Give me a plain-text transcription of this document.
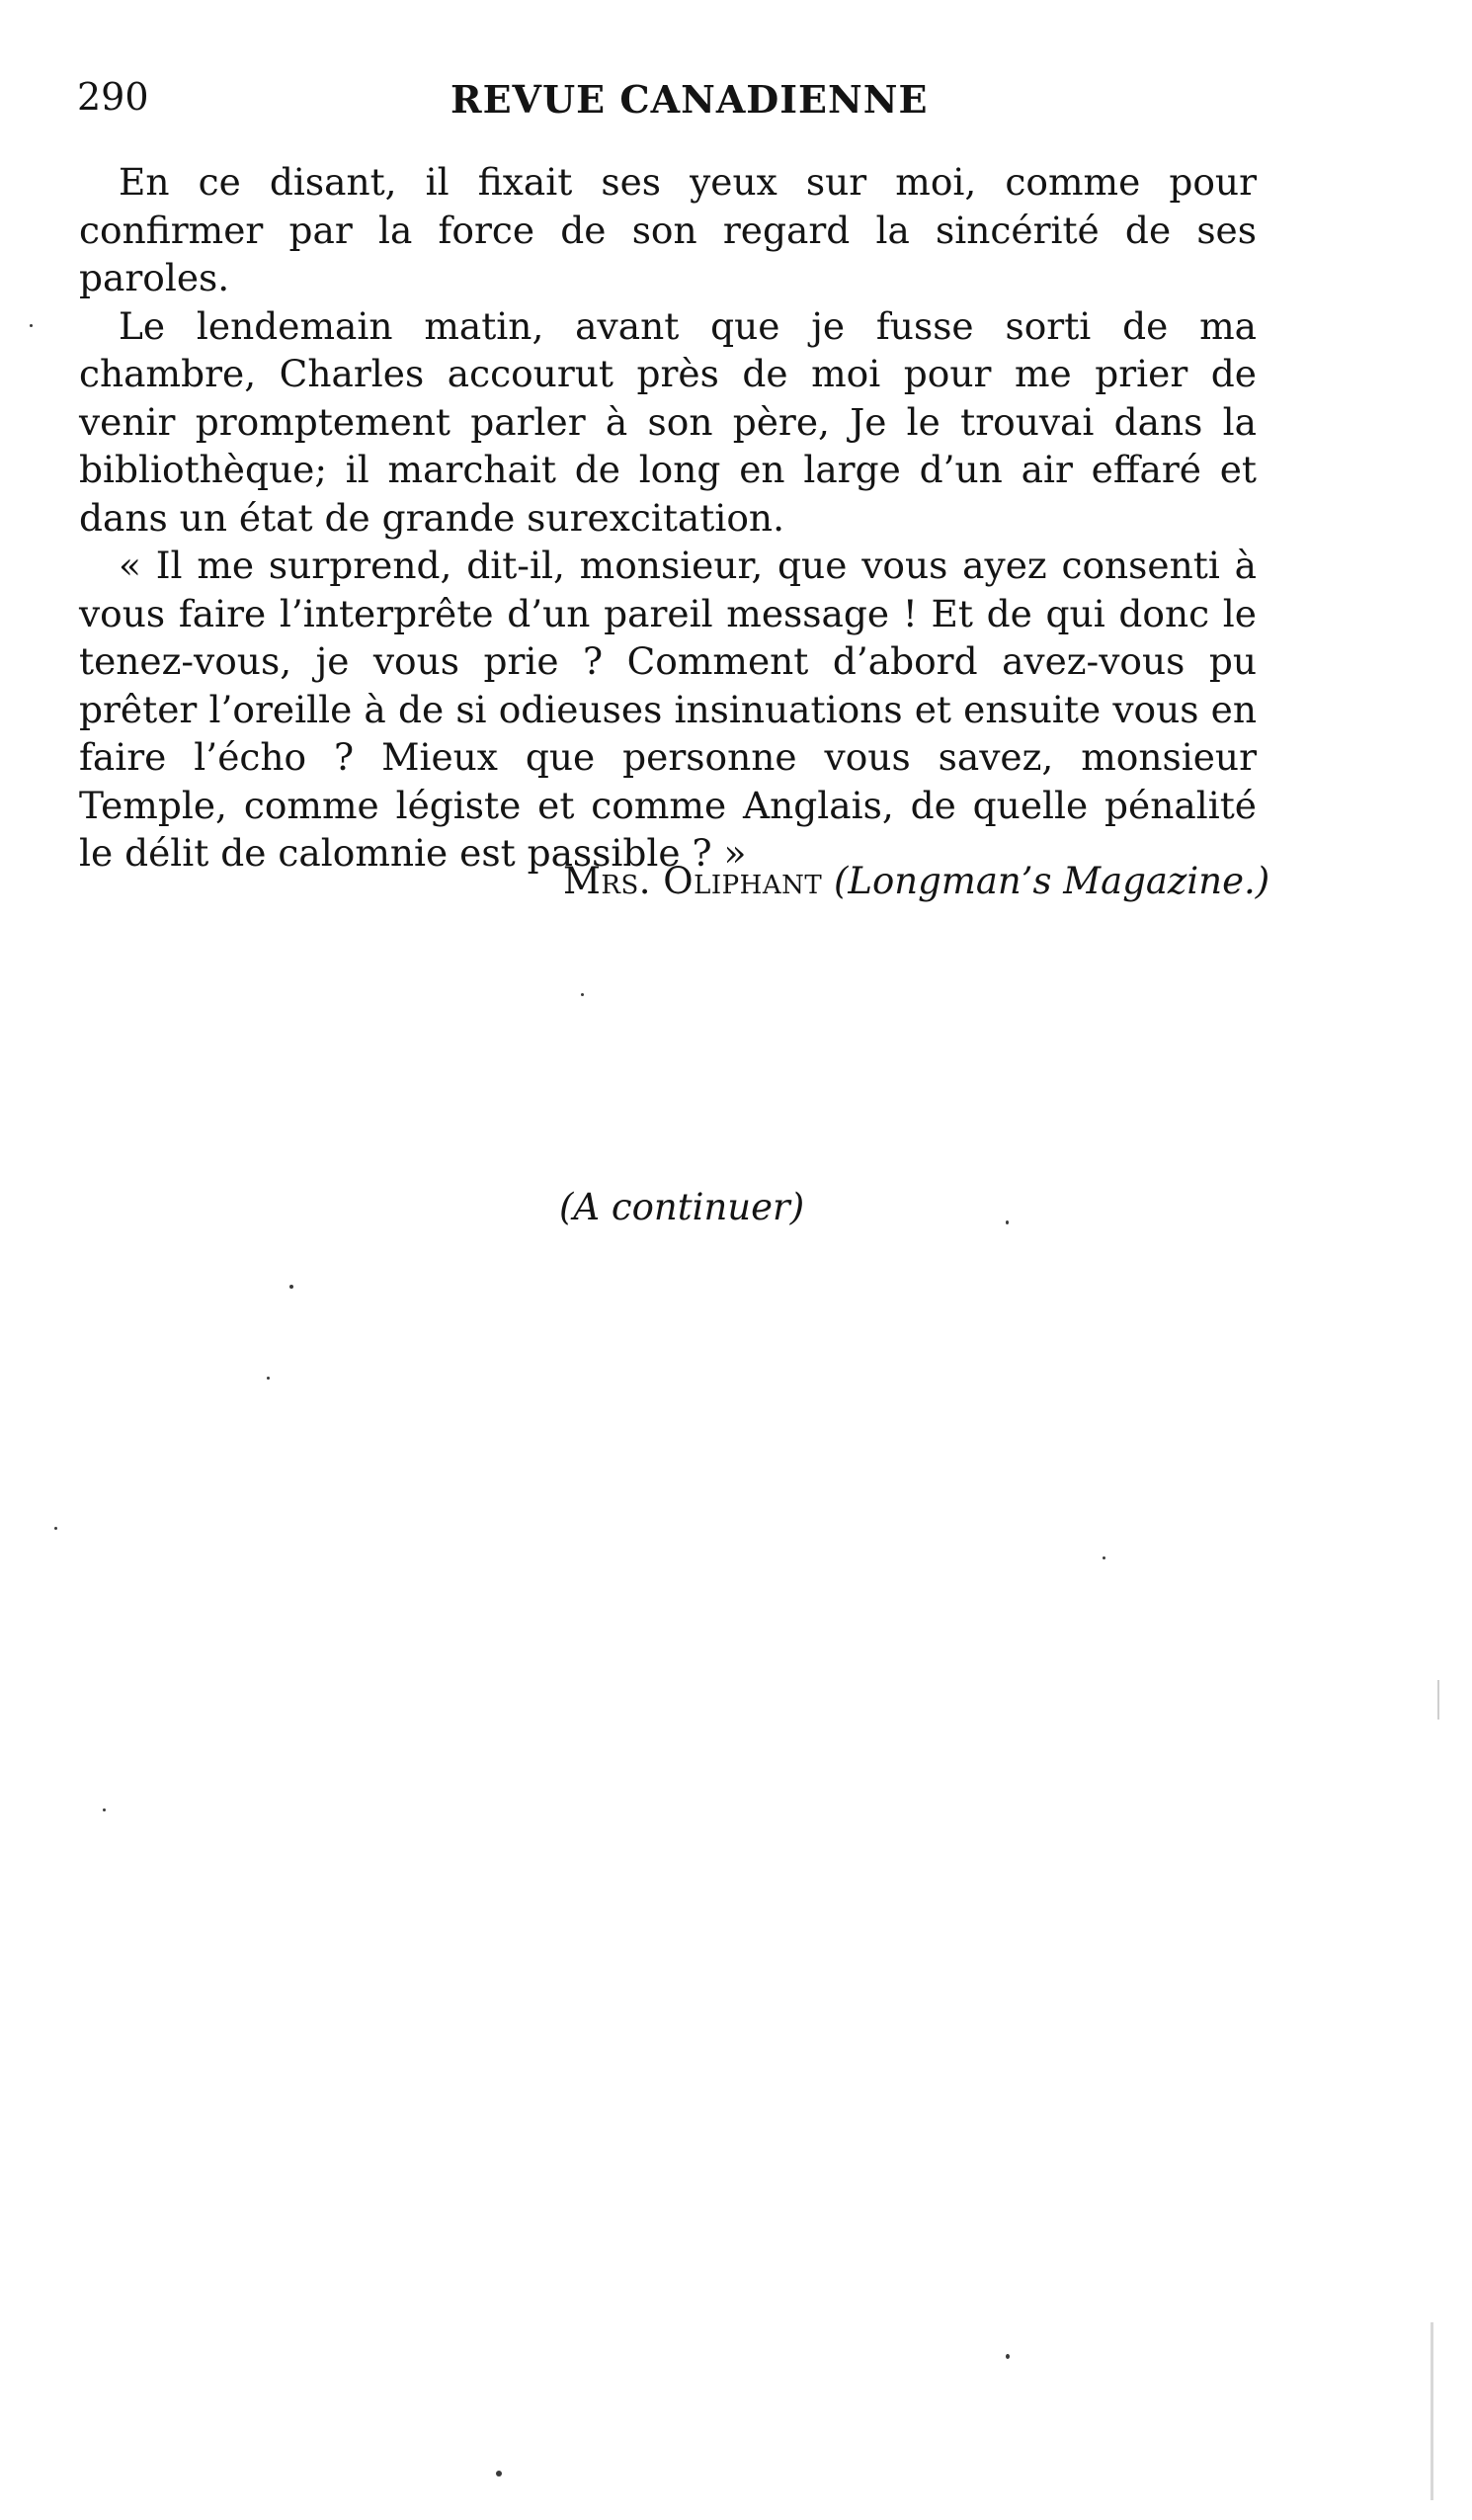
290	REVUE CANADIENNE

En ce disant, il fixait ses yeux sur moi, comme pour confirmer par la force de son regard la sincérité de ses paroles.

Le lendemain matin, avant que je fusse sorti de ma chambre, Charles accourut près de moi pour me prier de venir promptement parler à son père, Je le trouvai dans la bibliothèque; il marchait de long en large d’un air effaré et dans un état de grande surexcitation.

« Il me surprend, dit-il, monsieur, que vous ayez consenti à vous faire l’interprête d’un pareil message ! Et de qui donc le tenez-vous, je vous prie ? Comment d’abord avez-vous pu prêter l’oreille à de si odieuses insinuations et ensuite vous en faire l’écho ? Mieux que personne vous savez, monsieur Temple, comme légiste et comme Anglais, de quelle pénalité le délit de calomnie est passible ? »

Mrs. Oliphant (Longman’s Magazine.)
(A continuer)
